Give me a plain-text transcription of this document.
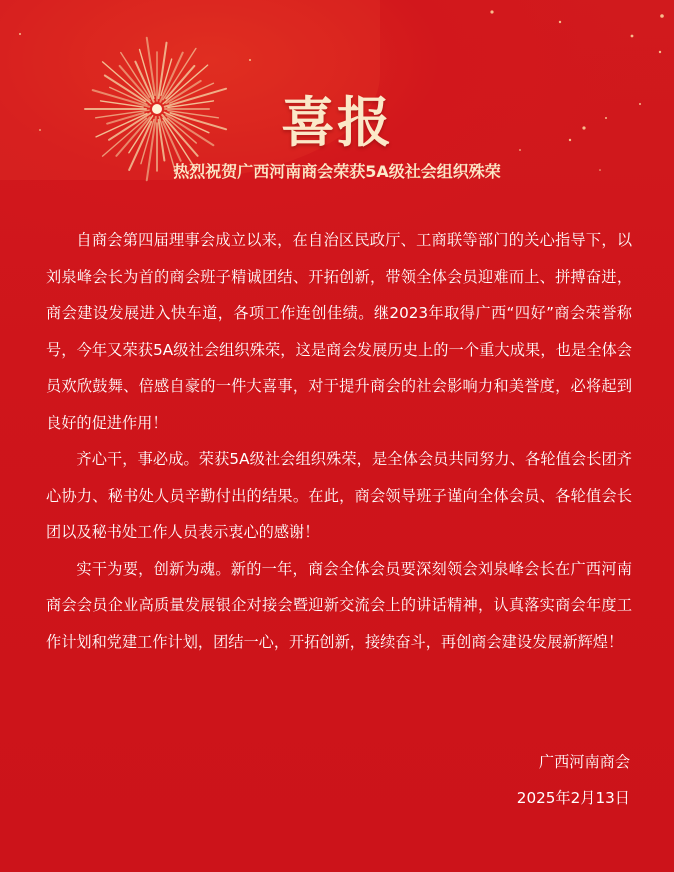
喜报
热烈祝贺广西河南商会荣获5A级社会组织殊荣

自商会第四届理事会成立以来，在自治区民政厅、工商联等部门的关心指导下，以刘泉峰会长为首的商会班子精诚团结、开拓创新，带领全体会员迎难而上、拼搏奋进，商会建设发展进入快车道，各项工作连创佳绩。继2023年取得广西“四好”商会荣誉称号，今年又荣获5A级社会组织殊荣，这是商会发展历史上的一个重大成果，也是全体会员欢欣鼓舞、倍感自豪的一件大喜事，对于提升商会的社会影响力和美誉度，必将起到良好的促进作用！

齐心干，事必成。荣获5A级社会组织殊荣，是全体会员共同努力、各轮值会长团齐心协力、秘书处人员辛勤付出的结果。在此，商会领导班子谨向全体会员、各轮值会长团以及秘书处工作人员表示衷心的感谢！

实干为要，创新为魂。新的一年，商会全体会员要深刻领会刘泉峰会长在广西河南商会会员企业高质量发展银企对接会暨迎新交流会上的讲话精神，认真落实商会年度工作计划和党建工作计划，团结一心，开拓创新，接续奋斗，再创商会建设发展新辉煌！

广西河南商会
2025年2月13日
